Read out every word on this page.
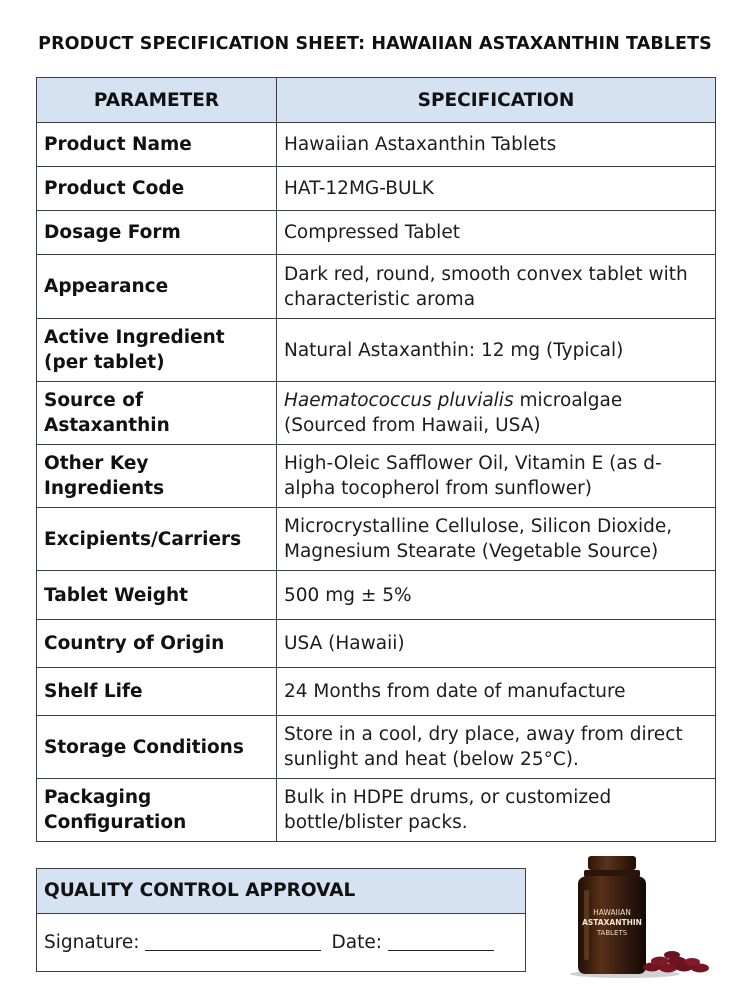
PRODUCT SPECIFICATION SHEET: HAWAIIAN ASTAXANTHIN TABLETS
PARAMETER	SPECIFICATION
Product Name	Hawaiian Astaxanthin Tablets
Product Code	HAT-12MG-BULK
Dosage Form	Compressed Tablet
Appearance	Dark red, round, smooth convex tablet with characteristic aroma
Active Ingredient (per tablet)	Natural Astaxanthin: 12 mg (Typical)
Source of Astaxanthin	Haematococcus pluvialis microalgae (Sourced from Hawaii, USA)
Other Key Ingredients	High-Oleic Safflower Oil, Vitamin E (as d-alpha tocopherol from sunflower)
Excipients/Carriers	Microcrystalline Cellulose, Silicon Dioxide, Magnesium Stearate (Vegetable Source)
Tablet Weight	500 mg ± 5%
Country of Origin	USA (Hawaii)
Shelf Life	24 Months from date of manufacture
Storage Conditions	Store in a cool, dry place, away from direct sunlight and heat (below 25°C).
Packaging Configuration	Bulk in HDPE drums, or customized bottle/blister packs.
QUALITY CONTROL APPROVAL
Signature:	Date:
HAWAIIAN
ASTAXANTHIN
TABLETS
